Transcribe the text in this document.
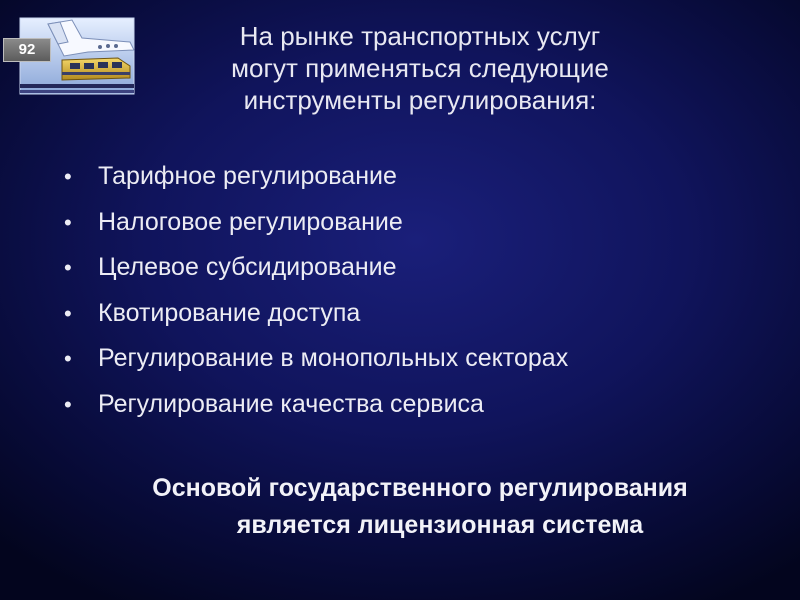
92	На рынке транспортных услуг
могут применяться следующие
инструменты регулирования:
• Тарифное регулирование
• Налоговое регулирование
• Целевое субсидирование
• Квотирование доступа
• Регулирование в монопольных секторах
• Регулирование качества сервиса
Основой государственного регулирования
является лицензионная система
